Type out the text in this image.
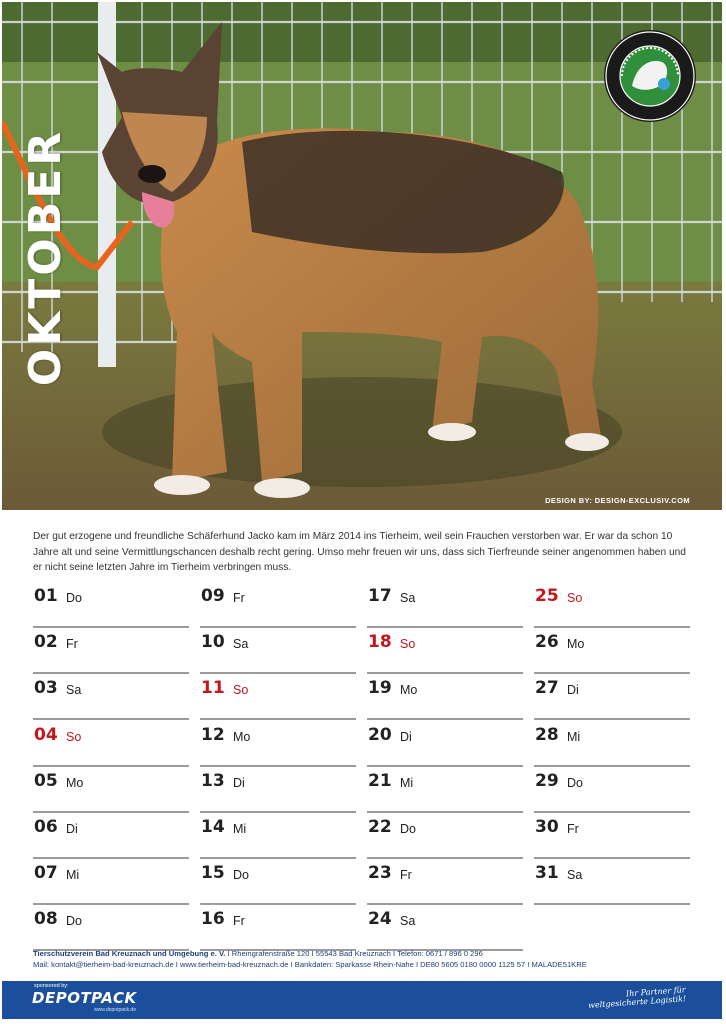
OKTOBER
DESIGN BY: DESIGN-EXCLUSIV.COM

Der gut erzogene und freundliche Schäferhund Jacko kam im März 2014 ins Tierheim, weil sein Frauchen verstorben war. Er war da schon 10 Jahre alt und seine Vermittlungschancen deshalb recht gering. Umso mehr freuen wir uns, dass sich Tierfreunde seiner angenommen haben und er nicht seine letzten Jahre im Tierheim verbringen muss.

01 Do
02 Fr
03 Sa
04 So
05 Mo
06 Di
07 Mi
08 Do
09 Fr
10 Sa
11 So
12 Mo
13 Di
14 Mi
15 Do
16 Fr
17 Sa
18 So
19 Mo
20 Di
21 Mi
22 Do
23 Fr
24 Sa
25 So
26 Mo
27 Di
28 Mi
29 Do
30 Fr
31 Sa
Tierschutzverein Bad Kreuznach und Umgebung e. V. I Rheingrafenstraße 120 I 55543 Bad Kreuznach I Telefon: 0671 / 896 0 296
Mail: kontakt@tierheim-bad-kreuznach.de I www.tierheim-bad-kreuznach.de I Bankdaten: Sparkasse Rhein-Nahe I DE80 5605 0180 0000 1125 57 I MALADE51KRE
sponsored by:
DEPOTPACK
www.depotpack.de
Ihr Partner für weltgesicherte Logistik!
